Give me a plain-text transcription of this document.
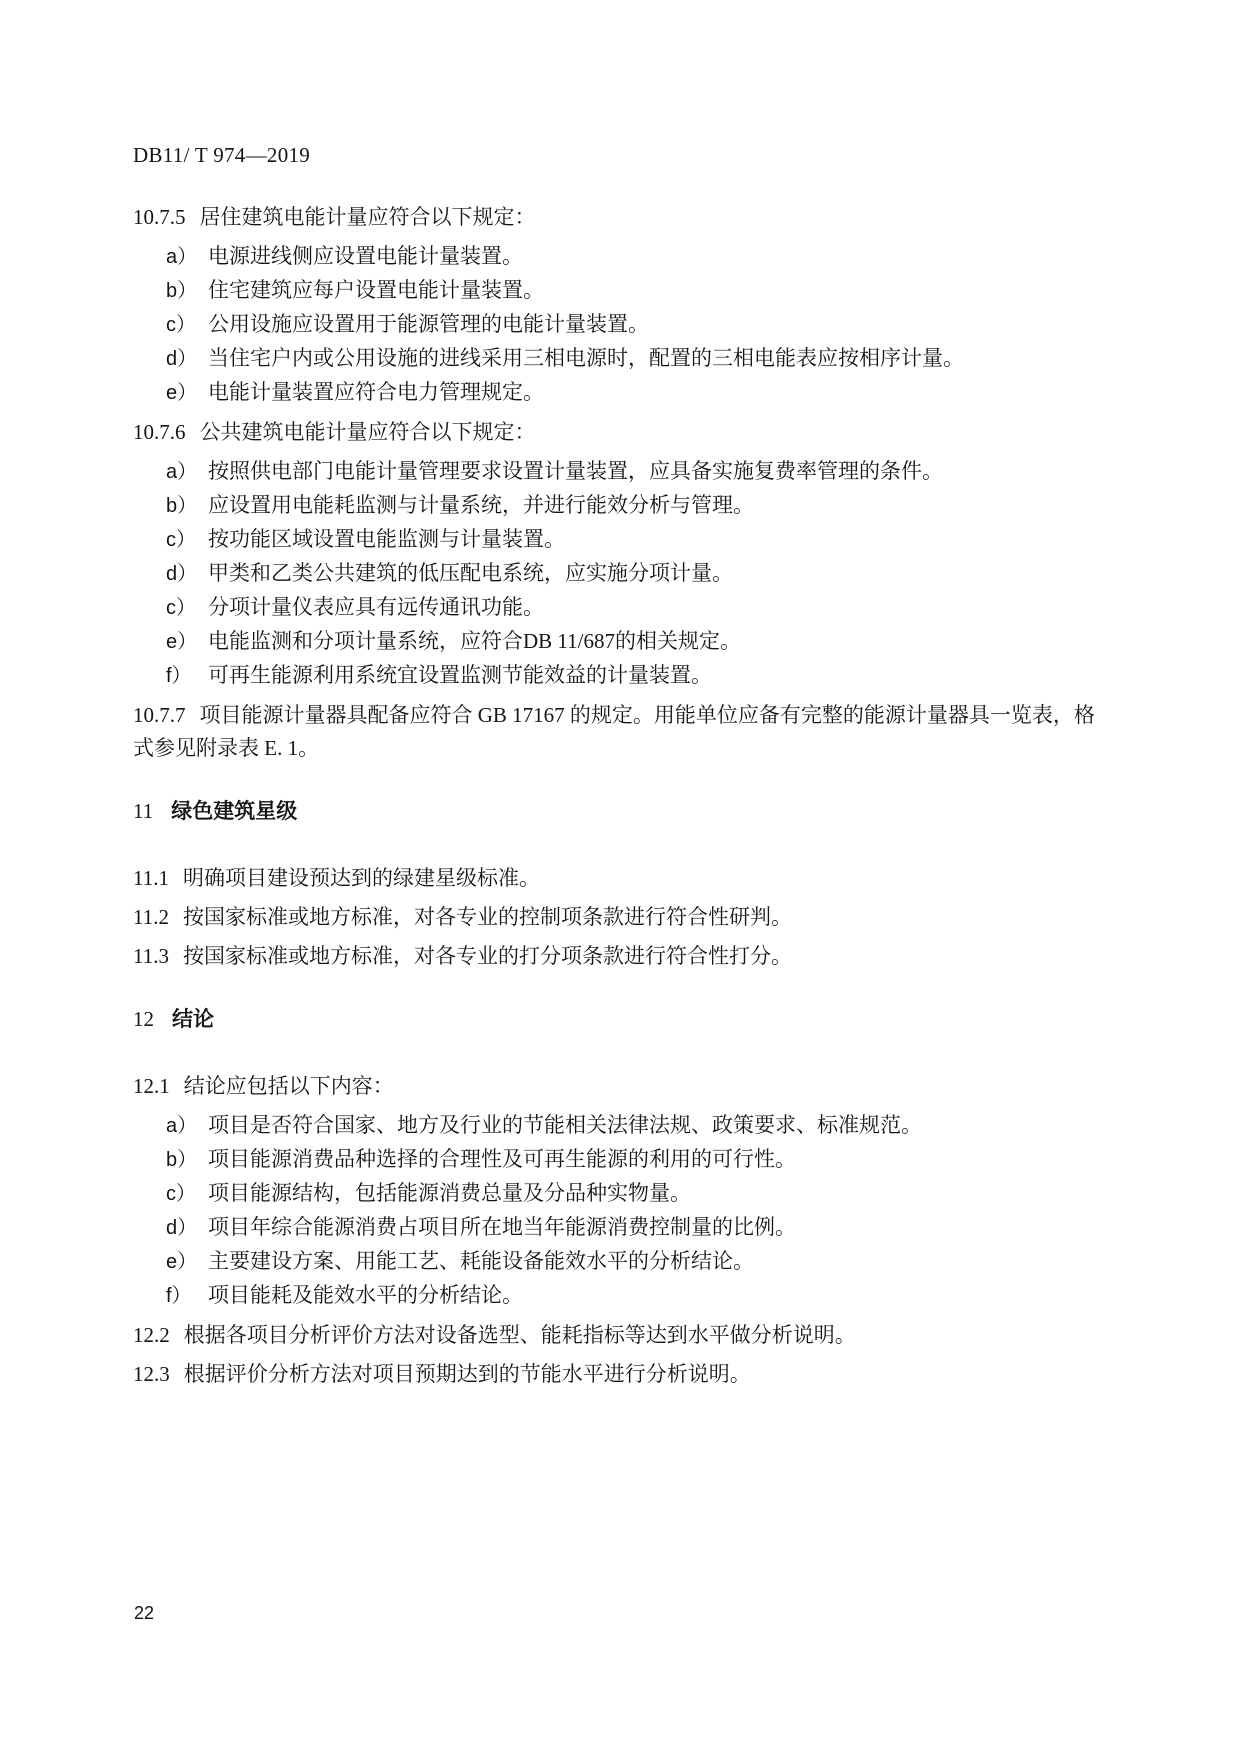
DB11/ T 974—2019
10.7.5 居住建筑电能计量应符合以下规定：
a） 电源进线侧应设置电能计量装置。
b） 住宅建筑应每户设置电能计量装置。
c） 公用设施应设置用于能源管理的电能计量装置。
d） 当住宅户内或公用设施的进线采用三相电源时，配置的三相电能表应按相序计量。
e） 电能计量装置应符合电力管理规定。
10.7.6 公共建筑电能计量应符合以下规定：
a） 按照供电部门电能计量管理要求设置计量装置，应具备实施复费率管理的条件。
b） 应设置用电能耗监测与计量系统，并进行能效分析与管理。
c） 按功能区域设置电能监测与计量装置。
d） 甲类和乙类公共建筑的低压配电系统，应实施分项计量。
c） 分项计量仪表应具有远传通讯功能。
e） 电能监测和分项计量系统，应符合DB 11/687的相关规定。
f） 可再生能源利用系统宜设置监测节能效益的计量装置。
10.7.7 项目能源计量器具配备应符合 GB 17167 的规定。用能单位应备有完整的能源计量器具一览表，格式参见附录表 E. 1。
11 绿色建筑星级
11.1 明确项目建设预达到的绿建星级标准。
11.2 按国家标准或地方标准，对各专业的控制项条款进行符合性研判。
11.3 按国家标准或地方标准，对各专业的打分项条款进行符合性打分。
12 结论
12.1 结论应包括以下内容：
a） 项目是否符合国家、地方及行业的节能相关法律法规、政策要求、标准规范。
b） 项目能源消费品种选择的合理性及可再生能源的利用的可行性。
c） 项目能源结构，包括能源消费总量及分品种实物量。
d） 项目年综合能源消费占项目所在地当年能源消费控制量的比例。
e） 主要建设方案、用能工艺、耗能设备能效水平的分析结论。
f） 项目能耗及能效水平的分析结论。
12.2 根据各项目分析评价方法对设备选型、能耗指标等达到水平做分析说明。
12.3 根据评价分析方法对项目预期达到的节能水平进行分析说明。
22
